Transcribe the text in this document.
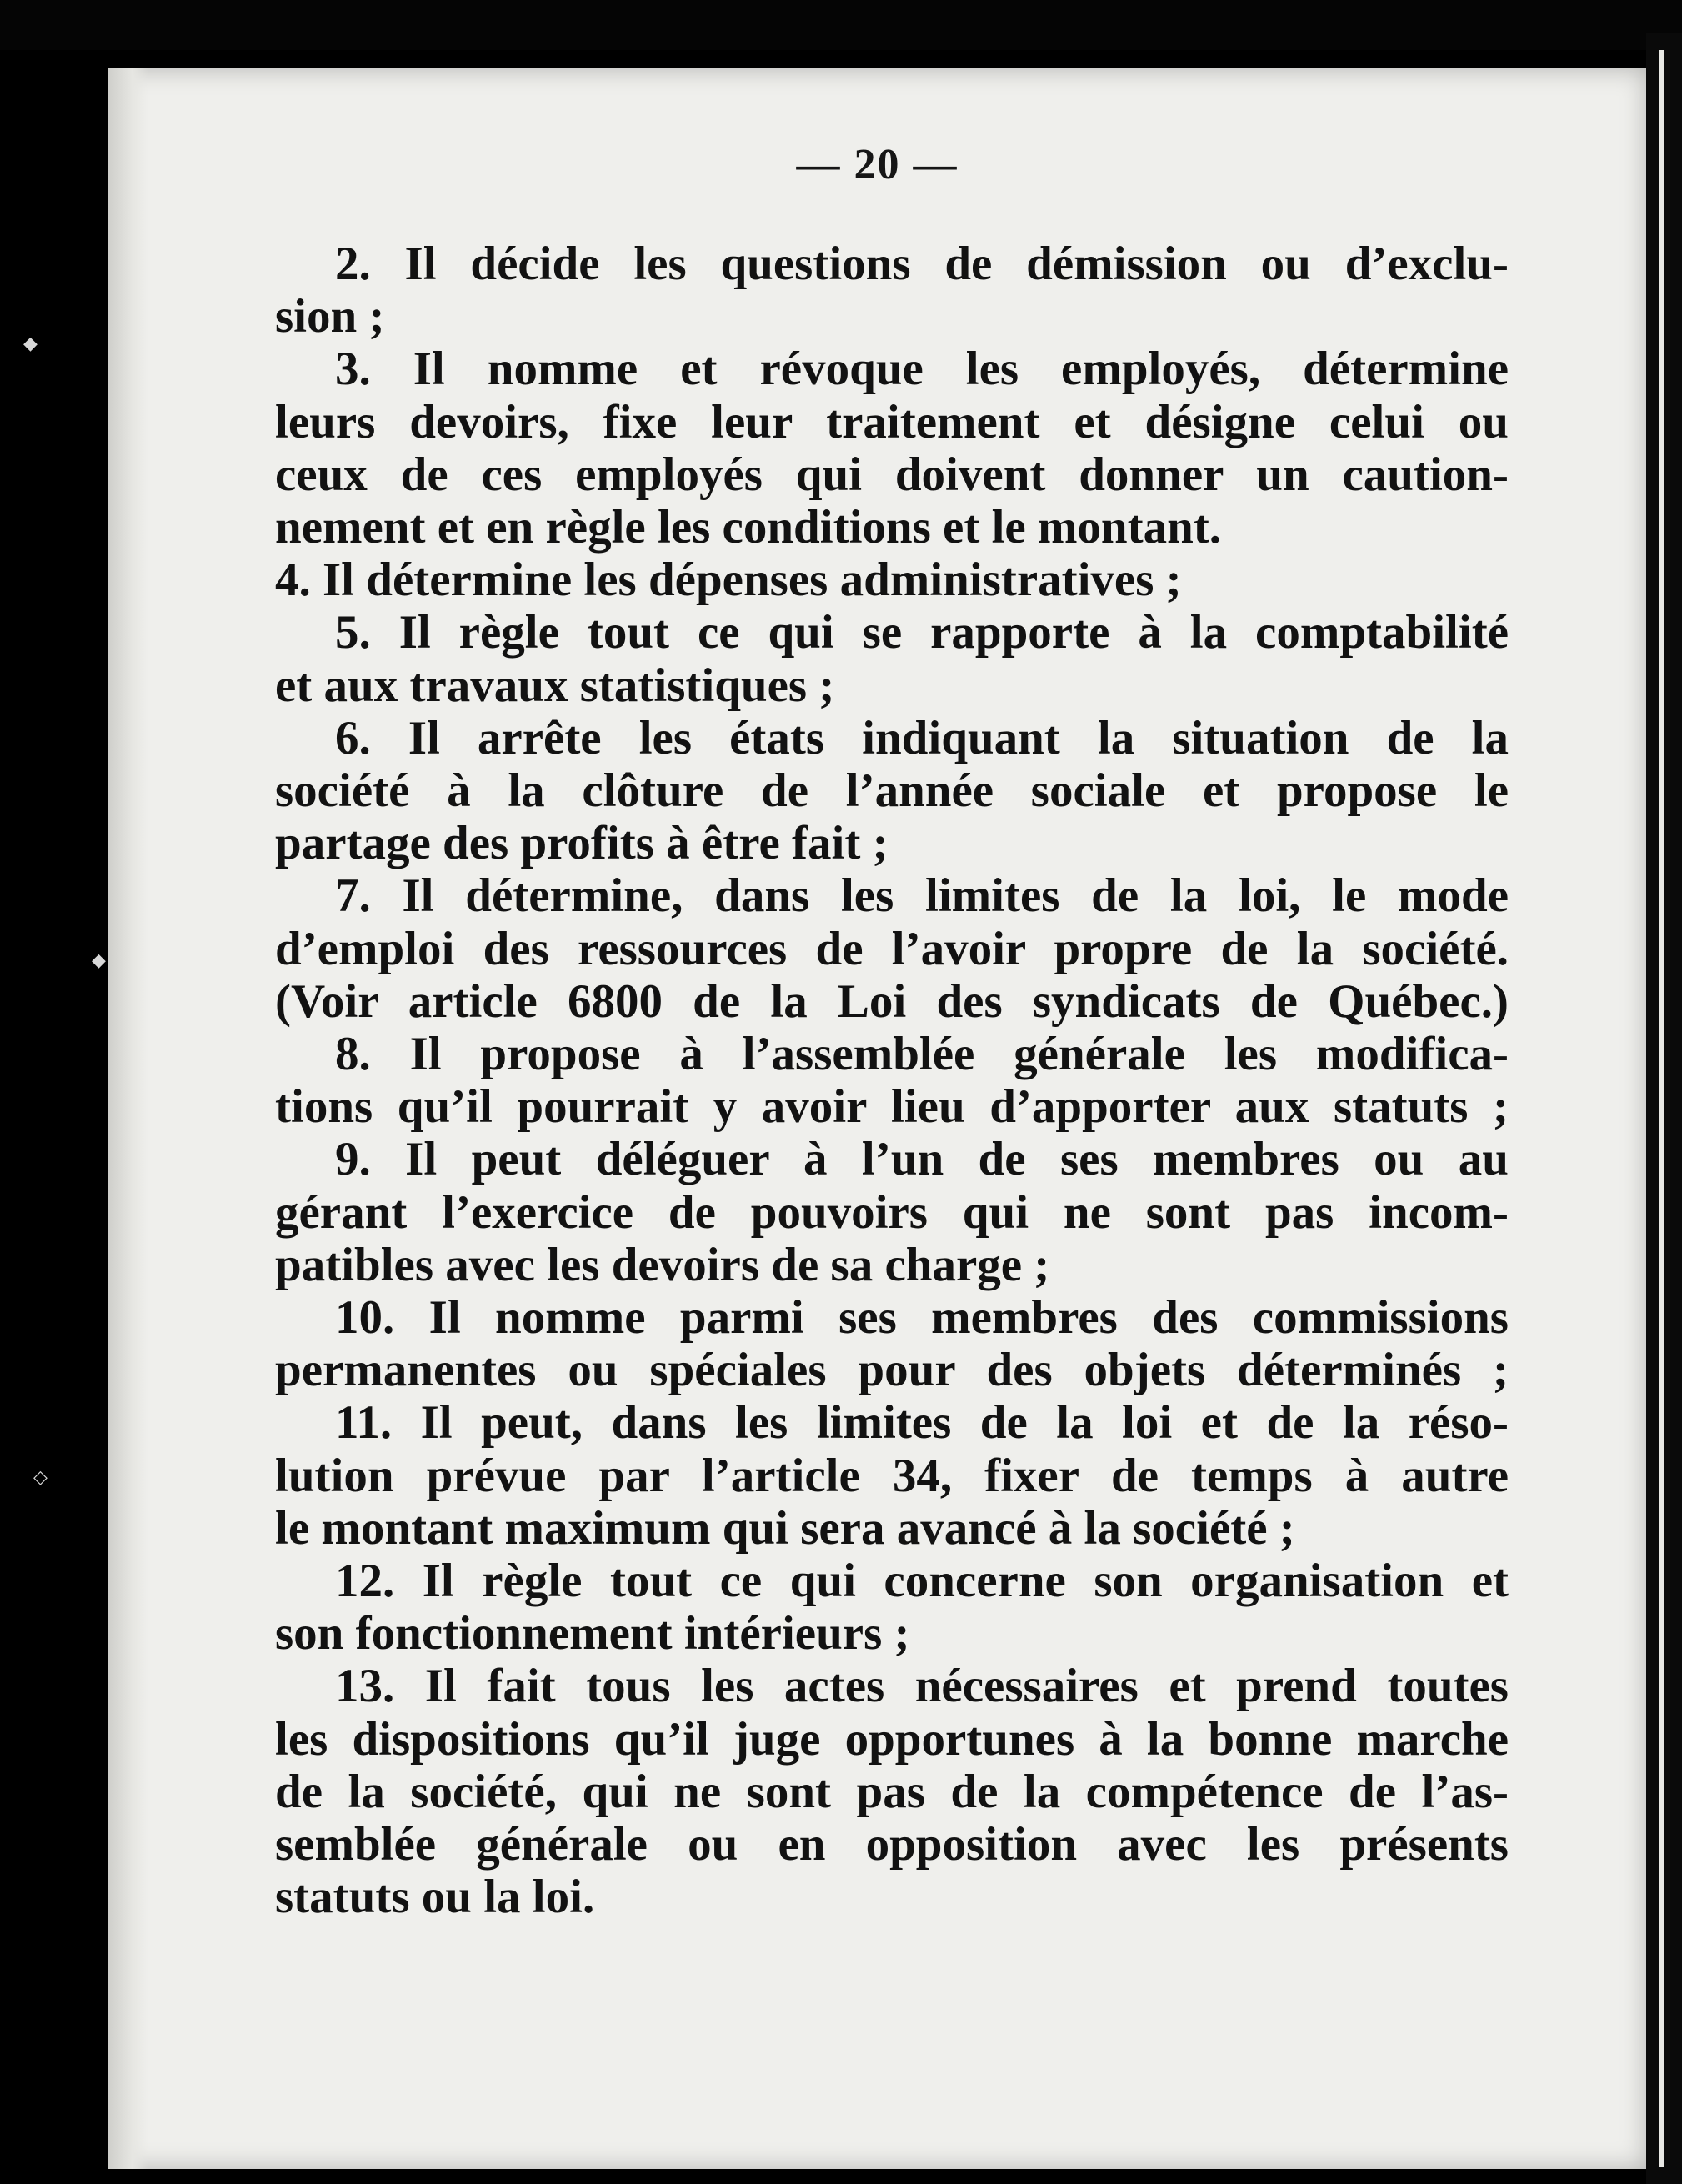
◆
◆
◇
— 20 —
2. Il décide les questions de démission ou d’exclu-
sion ;
3. Il nomme et révoque les employés, détermine
leurs devoirs, fixe leur traitement et désigne celui ou
ceux de ces employés qui doivent donner un caution-
nement et en règle les conditions et le montant.
4. Il détermine les dépenses administratives ;
5. Il règle tout ce qui se rapporte à la comptabilité
et aux travaux statistiques ;
6. Il arrête les états indiquant la situation de la
société à la clôture de l’année sociale et propose le
partage des profits à être fait ;
7. Il détermine, dans les limites de la loi, le mode
d’emploi des ressources de l’avoir propre de la société.
(Voir article 6800 de la Loi des syndicats de Québec.)
8. Il propose à l’assemblée générale les modifica-
tions qu’il pourrait y avoir lieu d’apporter aux statuts ;
9. Il peut déléguer à l’un de ses membres ou au
gérant l’exercice de pouvoirs qui ne sont pas incom-
patibles avec les devoirs de sa charge ;
10. Il nomme parmi ses membres des commissions
permanentes ou spéciales pour des objets déterminés ;
11. Il peut, dans les limites de la loi et de la réso-
lution prévue par l’article 34, fixer de temps à autre
le montant maximum qui sera avancé à la société ;
12. Il règle tout ce qui concerne son organisation et
son fonctionnement intérieurs ;
13. Il fait tous les actes nécessaires et prend toutes
les dispositions qu’il juge opportunes à la bonne marche
de la société, qui ne sont pas de la compétence de l’as-
semblée générale ou en opposition avec les présents
statuts ou la loi.
